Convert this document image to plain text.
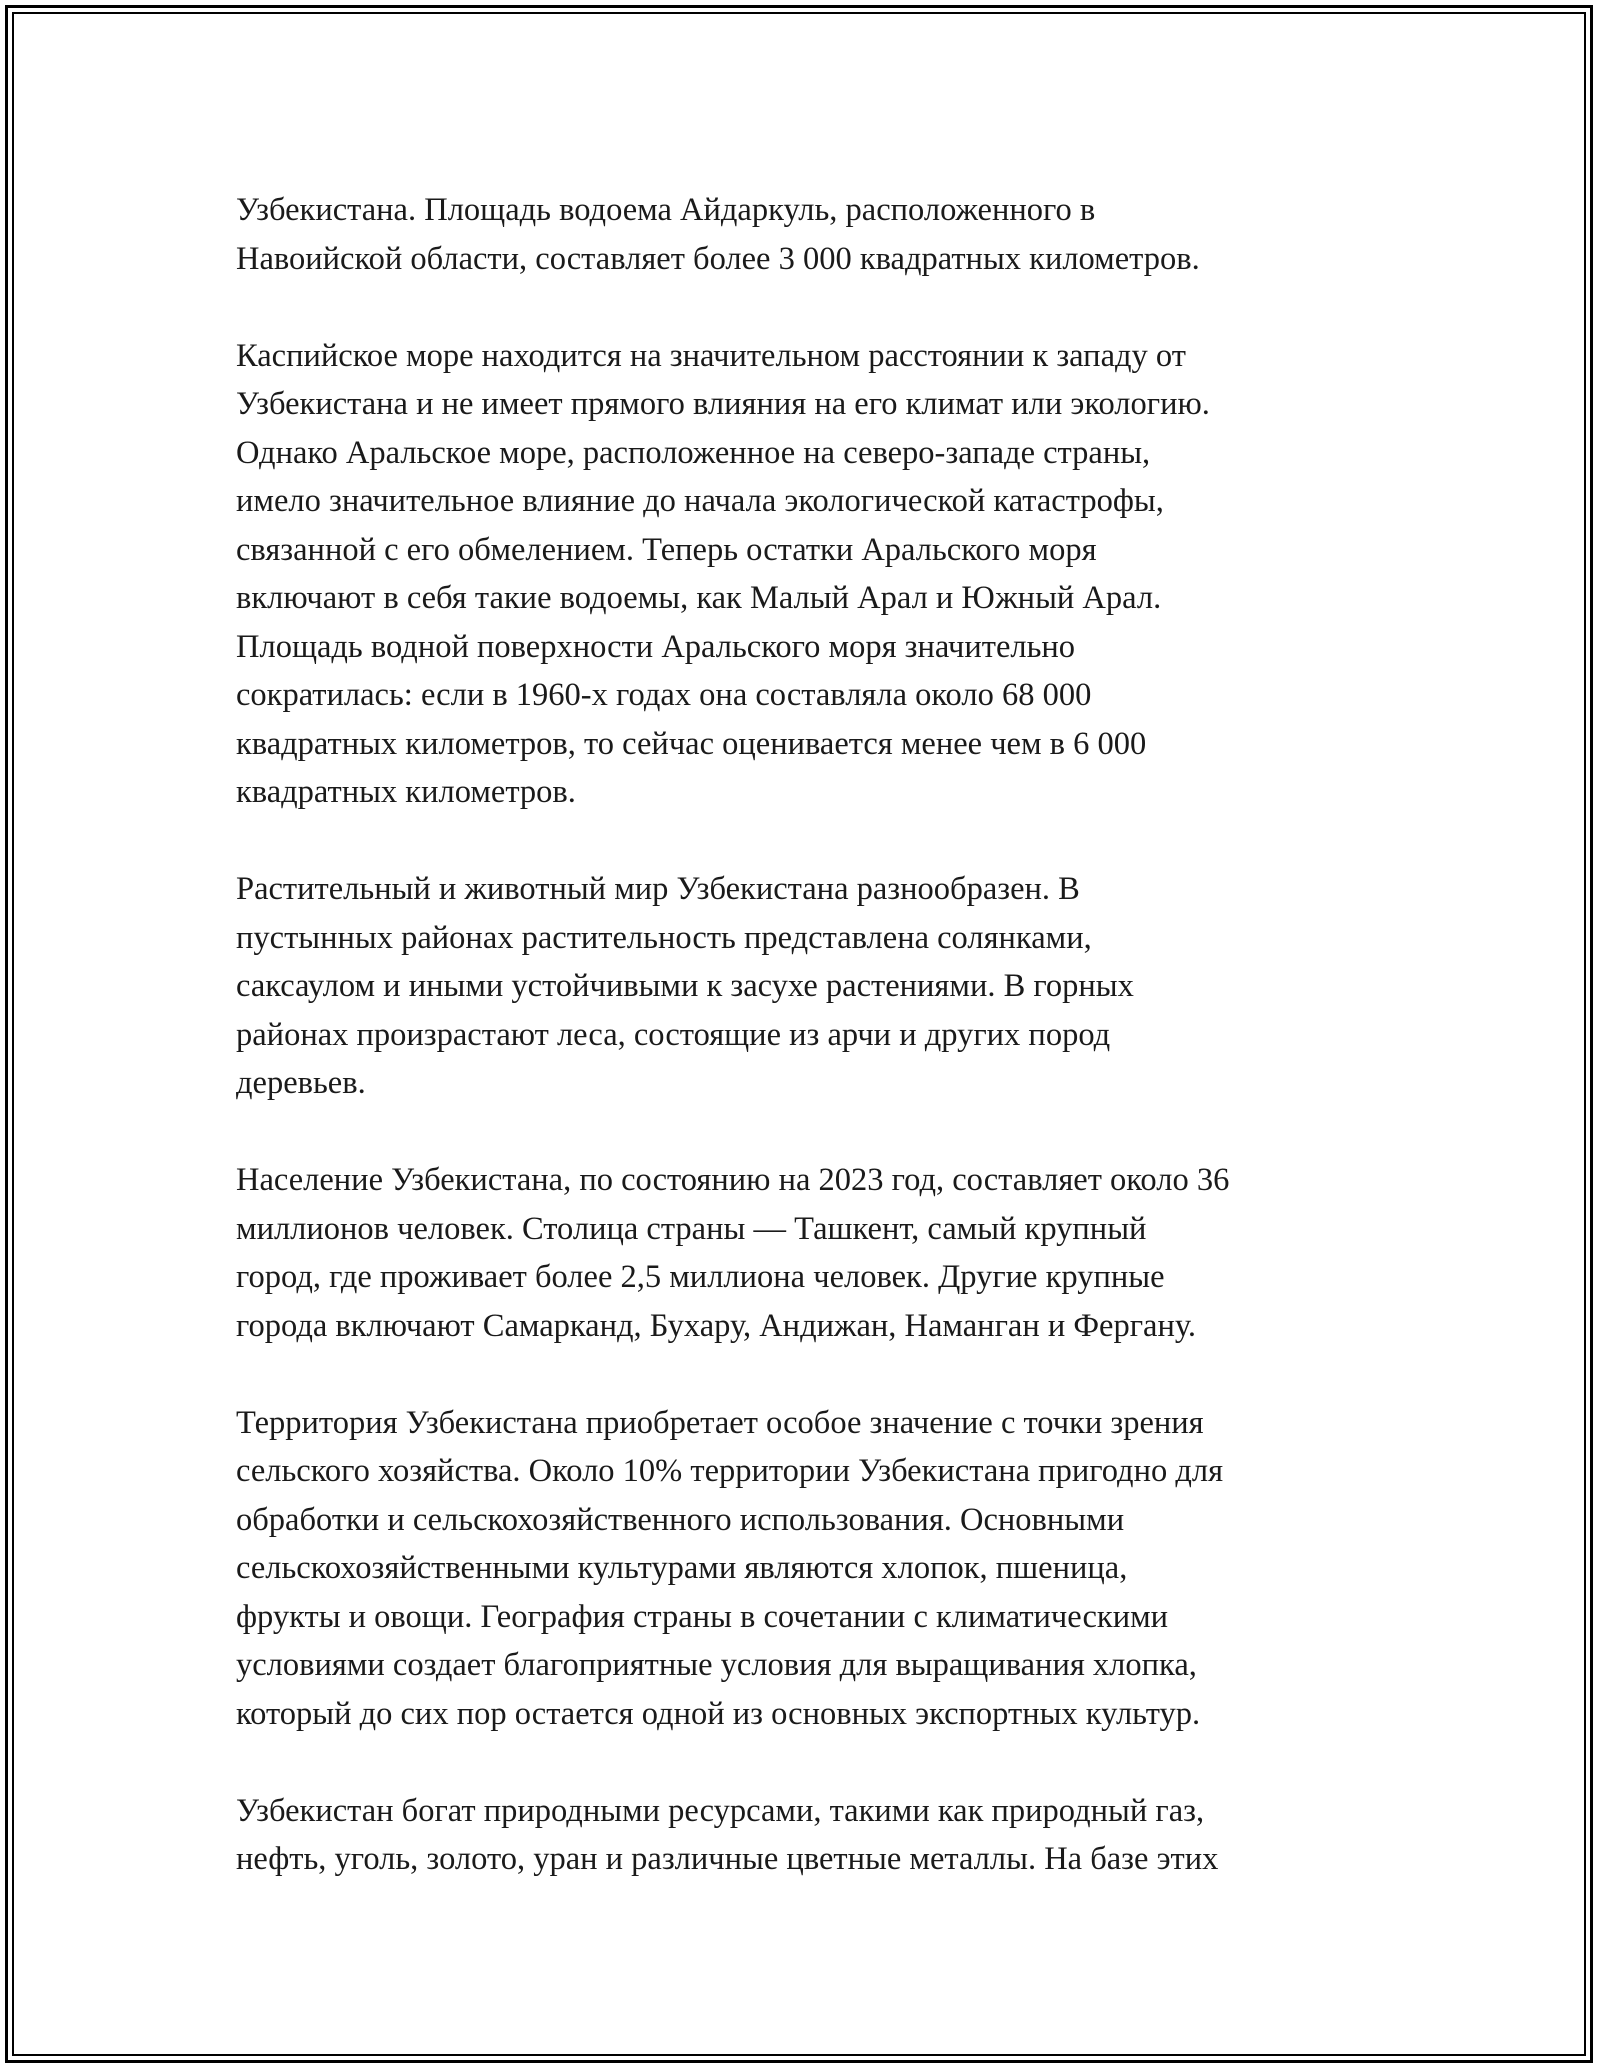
Узбекистана. Площадь водоема Айдаркуль, расположенного в
Навоийской области, составляет более 3 000 квадратных километров.

Каспийское море находится на значительном расстоянии к западу от
Узбекистана и не имеет прямого влияния на его климат или экологию.
Однако Аральское море, расположенное на северо-западе страны,
имело значительное влияние до начала экологической катастрофы,
связанной с его обмелением. Теперь остатки Аральского моря
включают в себя такие водоемы, как Малый Арал и Южный Арал.
Площадь водной поверхности Аральского моря значительно
сократилась: если в 1960-х годах она составляла около 68 000
квадратных километров, то сейчас оценивается менее чем в 6 000
квадратных километров.

Растительный и животный мир Узбекистана разнообразен. В
пустынных районах растительность представлена солянками,
саксаулом и иными устойчивыми к засухе растениями. В горных
районах произрастают леса, состоящие из арчи и других пород
деревьев.

Население Узбекистана, по состоянию на 2023 год, составляет около 36
миллионов человек. Столица страны — Ташкент, самый крупный
город, где проживает более 2,5 миллиона человек. Другие крупные
города включают Самарканд, Бухару, Андижан, Наманган и Фергану.

Территория Узбекистана приобретает особое значение с точки зрения
сельского хозяйства. Около 10% территории Узбекистана пригодно для
обработки и сельскохозяйственного использования. Основными
сельскохозяйственными культурами являются хлопок, пшеница,
фрукты и овощи. География страны в сочетании с климатическими
условиями создает благоприятные условия для выращивания хлопка,
который до сих пор остается одной из основных экспортных культур.

Узбекистан богат природными ресурсами, такими как природный газ,
нефть, уголь, золото, уран и различные цветные металлы. На базе этих
